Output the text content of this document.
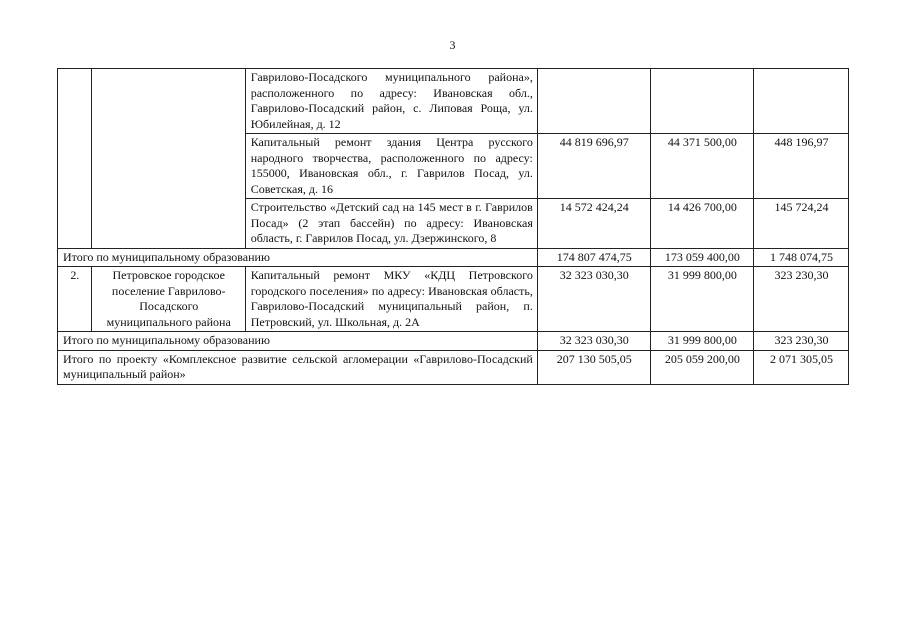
3
		Гаврилово-Посадского муниципального района», расположенного по адресу: Ивановская обл., Гаврилово-Посадский район, с. Липовая Роща, ул. Юбилейная, д. 12			
		Капитальный ремонт здания Центра русского народного творчества, расположенного по адресу: 155000, Ивановская обл., г. Гаврилов Посад, ул. Советская, д. 16	44 819 696,97	44 371 500,00	448 196,97
		Строительство «Детский сад на 145 мест в г. Гаврилов Посад» (2 этап бассейн) по адресу: Ивановская область, г. Гаврилов Посад, ул. Дзержинского, 8	14 572 424,24	14 426 700,00	145 724,24
Итого по муниципальному образованию			174 807 474,75	173 059 400,00	1 748 074,75
2.	Петровское городское поселение Гаврилово-Посадского муниципального района	Капитальный ремонт МКУ «КДЦ Петровского городского поселения» по адресу: Ивановская область, Гаврилово-Посадский муниципальный район, п. Петровский, ул. Школьная, д. 2А	32 323 030,30	31 999 800,00	323 230,30
Итого по муниципальному образованию			32 323 030,30	31 999 800,00	323 230,30
Итого по проекту «Комплексное развитие сельской агломерации «Гаврилово-Посадский муниципальный район»			207 130 505,05	205 059 200,00	2 071 305,05
